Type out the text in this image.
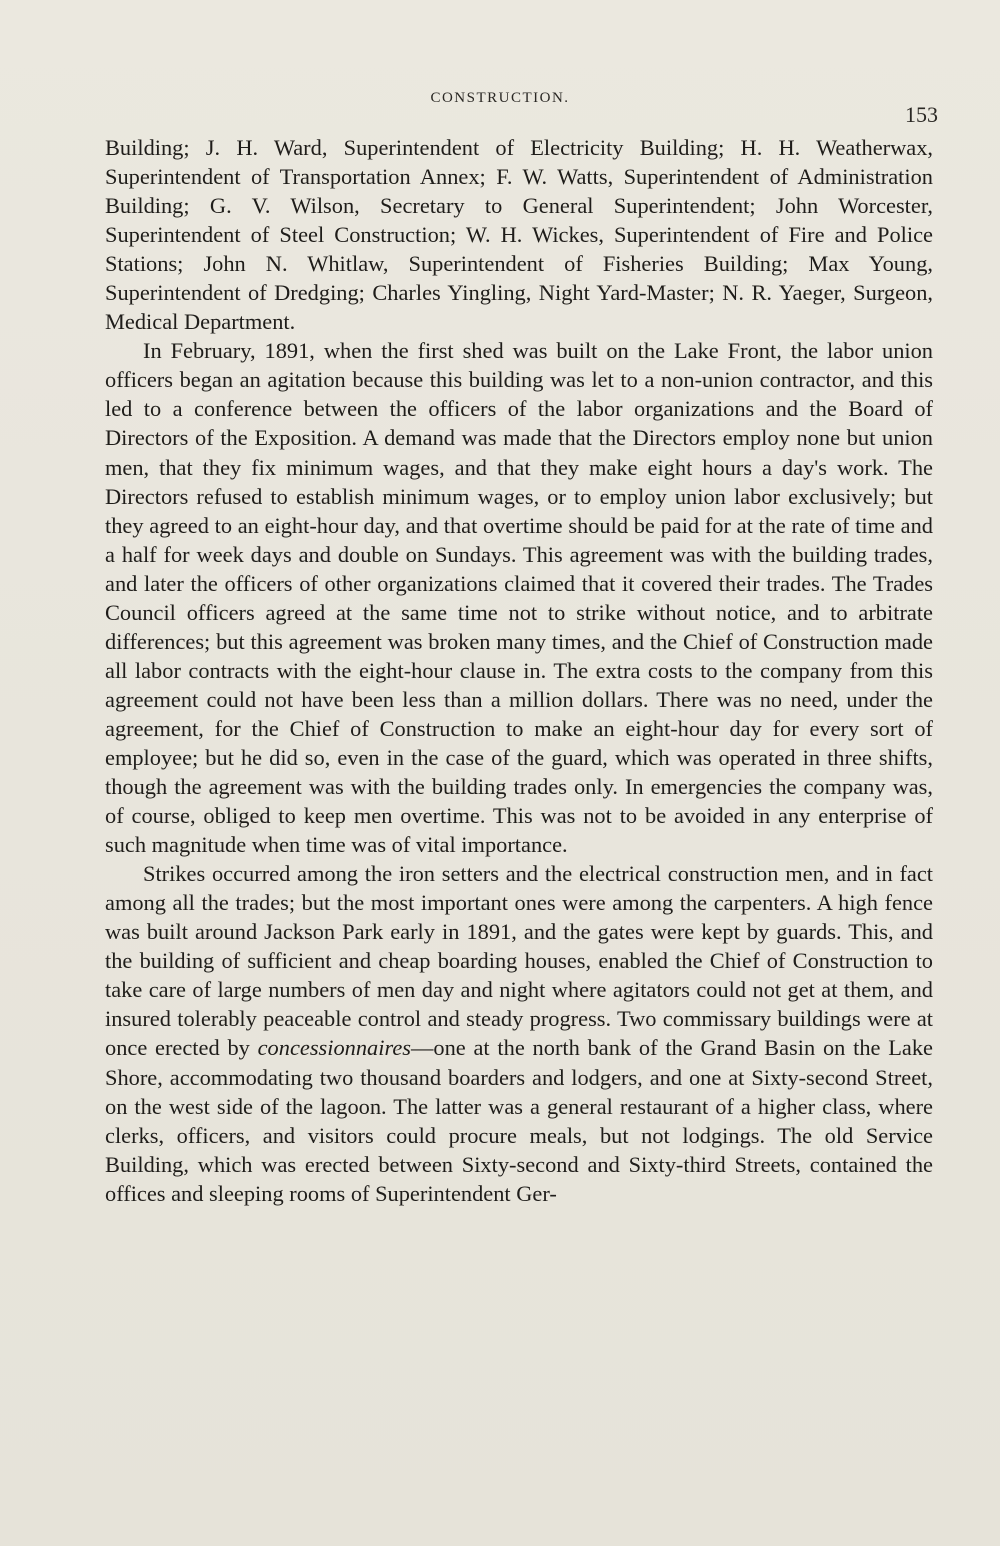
CONSTRUCTION.
153

Building; J. H. Ward, Superintendent of Electricity Building; H. H. Weatherwax, Superintendent of Transportation Annex; F. W. Watts, Superintendent of Administration Building; G. V. Wilson, Secretary to General Superintendent; John Worcester, Superintendent of Steel Construction; W. H. Wickes, Superintendent of Fire and Police Stations; John N. Whitlaw, Superintendent of Fisheries Building; Max Young, Superintendent of Dredging; Charles Yingling, Night Yard-Master; N. R. Yaeger, Surgeon, Medical Department.

In February, 1891, when the first shed was built on the Lake Front, the labor union officers began an agitation because this building was let to a non-union contractor, and this led to a conference between the officers of the labor organizations and the Board of Directors of the Exposition. A demand was made that the Directors employ none but union men, that they fix minimum wages, and that they make eight hours a day's work. The Directors refused to establish minimum wages, or to employ union labor exclusively; but they agreed to an eight-hour day, and that overtime should be paid for at the rate of time and a half for week days and double on Sundays. This agreement was with the building trades, and later the officers of other organizations claimed that it covered their trades. The Trades Council officers agreed at the same time not to strike without notice, and to arbitrate differences; but this agreement was broken many times, and the Chief of Construction made all labor contracts with the eight-hour clause in. The extra costs to the company from this agreement could not have been less than a million dollars. There was no need, under the agreement, for the Chief of Construction to make an eight-hour day for every sort of employee; but he did so, even in the case of the guard, which was operated in three shifts, though the agreement was with the building trades only. In emergencies the company was, of course, obliged to keep men overtime. This was not to be avoided in any enterprise of such magnitude when time was of vital importance.

Strikes occurred among the iron setters and the electrical construction men, and in fact among all the trades; but the most important ones were among the carpenters. A high fence was built around Jackson Park early in 1891, and the gates were kept by guards. This, and the building of sufficient and cheap boarding houses, enabled the Chief of Construction to take care of large numbers of men day and night where agitators could not get at them, and insured tolerably peaceable control and steady progress. Two commissary buildings were at once erected by concessionnaires—one at the north bank of the Grand Basin on the Lake Shore, accommodating two thousand boarders and lodgers, and one at Sixty-second Street, on the west side of the lagoon. The latter was a general restaurant of a higher class, where clerks, officers, and visitors could procure meals, but not lodgings. The old Service Building, which was erected between Sixty-second and Sixty-third Streets, contained the offices and sleeping rooms of Superintendent Ger-
